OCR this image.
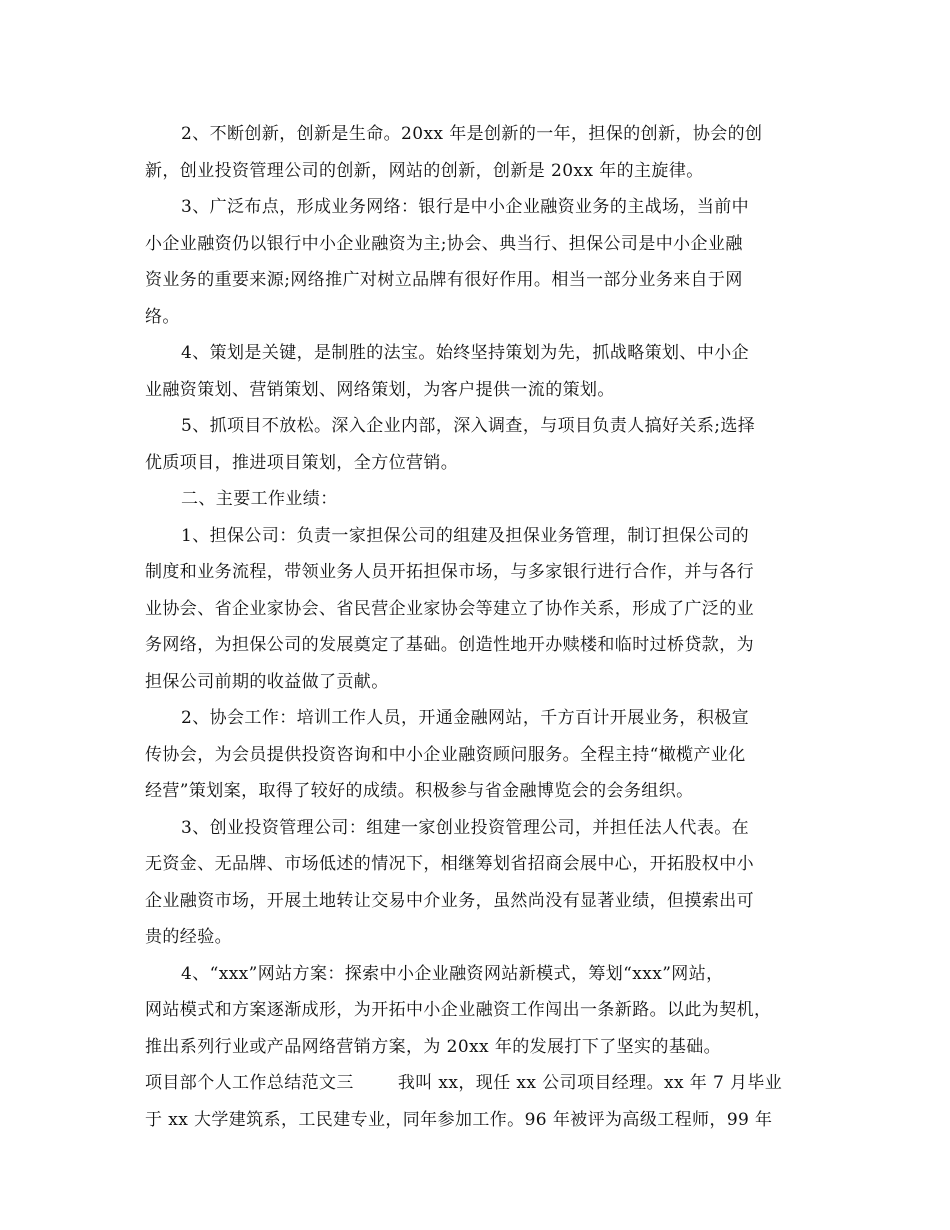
2、不断创新，创新是生命。20xx 年是创新的一年，担保的创新，协会的创
新，创业投资管理公司的创新，网站的创新，创新是 20xx 年的主旋律。
3、广泛布点，形成业务网络：银行是中小企业融资业务的主战场，当前中
小企业融资仍以银行中小企业融资为主;协会、典当行、担保公司是中小企业融
资业务的重要来源;网络推广对树立品牌有很好作用。相当一部分业务来自于网
络。
4、策划是关键，是制胜的法宝。始终坚持策划为先，抓战略策划、中小企
业融资策划、营销策划、网络策划，为客户提供一流的策划。
5、抓项目不放松。深入企业内部，深入调查，与项目负责人搞好关系;选择
优质项目，推进项目策划，全方位营销。
二、主要工作业绩：
1、担保公司：负责一家担保公司的组建及担保业务管理，制订担保公司的
制度和业务流程，带领业务人员开拓担保市场，与多家银行进行合作，并与各行
业协会、省企业家协会、省民营企业家协会等建立了协作关系，形成了广泛的业
务网络，为担保公司的发展奠定了基础。创造性地开办赎楼和临时过桥贷款，为
担保公司前期的收益做了贡献。
2、协会工作：培训工作人员，开通金融网站，千方百计开展业务，积极宣
传协会，为会员提供投资咨询和中小企业融资顾问服务。全程主持“橄榄产业化
经营”策划案，取得了较好的成绩。积极参与省金融博览会的会务组织。
3、创业投资管理公司：组建一家创业投资管理公司，并担任法人代表。在
无资金、无品牌、市场低述的情况下，相继筹划省招商会展中心，开拓股权中小
企业融资市场，开展土地转让交易中介业务，虽然尚没有显著业绩，但摸索出可
贵的经验。
4、“xxx”网站方案：探索中小企业融资网站新模式，筹划“xxx”网站，
网站模式和方案逐渐成形，为开拓中小企业融资工作闯出一条新路。以此为契机，
推出系列行业或产品网络营销方案，为 20xx 年的发展打下了坚实的基础。
项目部个人工作总结范文三	我叫 xx，现任 xx 公司项目经理。xx 年 7 月毕业
于 xx 大学建筑系，工民建专业，同年参加工作。96 年被评为高级工程师，99 年
